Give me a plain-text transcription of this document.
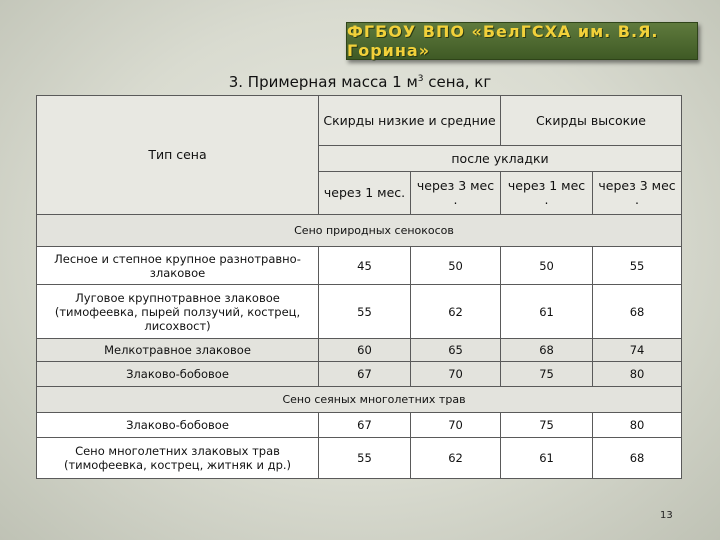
ФГБОУ ВПО «БелГСХА им. В.Я. Горина»
3. Примерная масса 1 $м^3$ сена, кг
Тип сена	Скирды низкие и средние		Скирды высокие	
	после укладки			
	через 1 мес.	через 3 мес .	через 1 мес .	через 3 мес .
Сено природных сенокосов				
Лесное и степное крупное разнотравно-злаковое	45	50	50	55
Луговое крупнотравное злаковое (тимофеевка, пырей ползучий, кострец, лисохвост)	55	62	61	68
Мелкотравное злаковое	60	65	68	74
Злаково-бобовое	67	70	75	80
Сено сеяных многолетних трав				
Злаково-бобовое	67	70	75	80
Сено многолетних злаковых трав (тимофеевка, кострец, житняк и др.)	55	62	61	68
13
